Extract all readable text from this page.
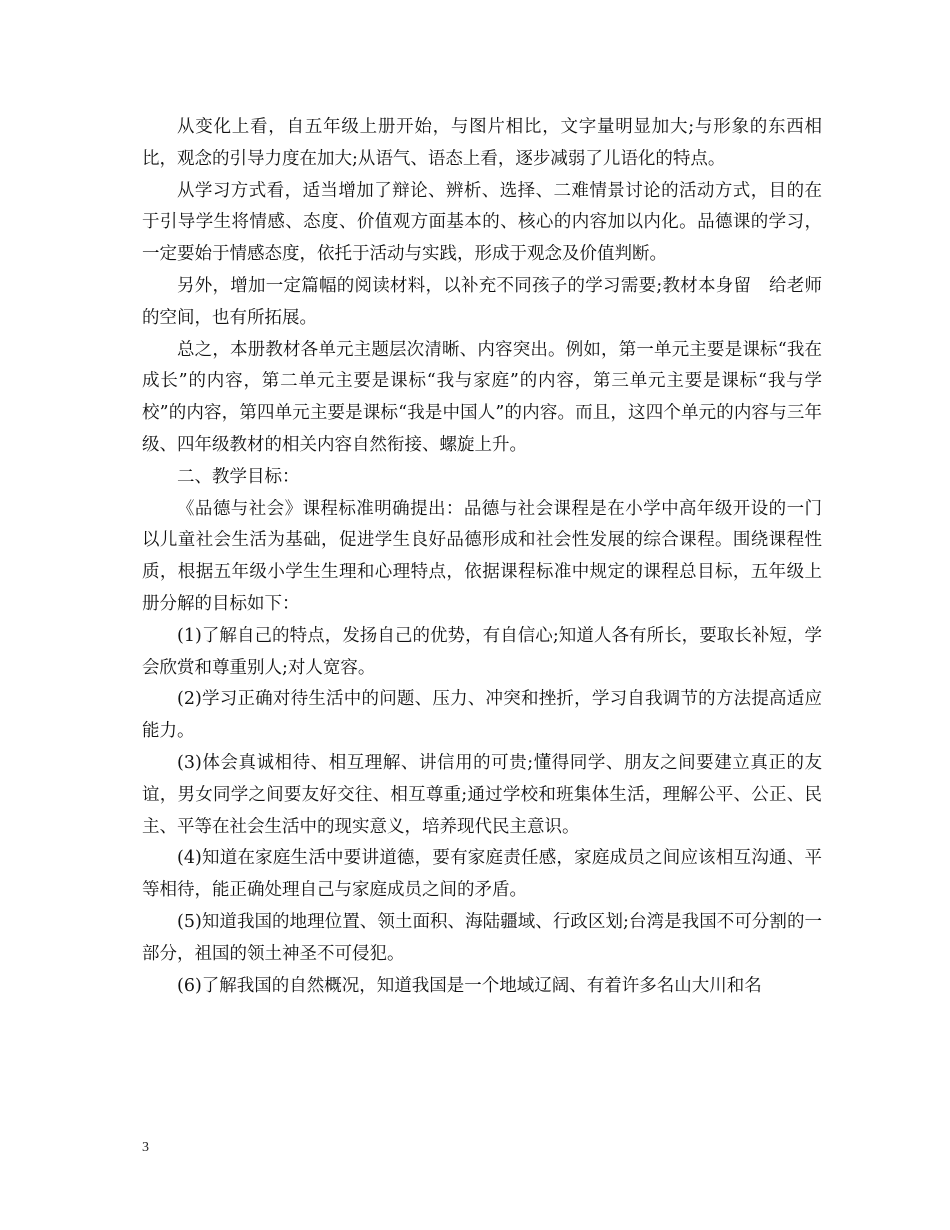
从变化上看，自五年级上册开始，与图片相比，文字量明显加大;与形象的东西相比，观念的引导力度在加大;从语气、语态上看，逐步减弱了儿语化的特点。

从学习方式看，适当增加了辩论、辨析、选择、二难情景讨论的活动方式，目的在于引导学生将情感、态度、价值观方面基本的、核心的内容加以内化。品德课的学习，一定要始于情感态度，依托于活动与实践，形成于观念及价值判断。

另外，增加一定篇幅的阅读材料，以补充不同孩子的学习需要;教材本身留　给老师的空间，也有所拓展。

总之，本册教材各单元主题层次清晰、内容突出。例如，第一单元主要是课标“我在成长”的内容，第二单元主要是课标“我与家庭”的内容，第三单元主要是课标“我与学校”的内容，第四单元主要是课标“我是中国人”的内容。而且，这四个单元的内容与三年级、四年级教材的相关内容自然衔接、螺旋上升。

二、教学目标：

《品德与社会》课程标准明确提出：品德与社会课程是在小学中高年级开设的一门以儿童社会生活为基础，促进学生良好品德形成和社会性发展的综合课程。围绕课程性质，根据五年级小学生生理和心理特点，依据课程标准中规定的课程总目标，五年级上册分解的目标如下：

(1)了解自己的特点，发扬自己的优势，有自信心;知道人各有所长，要取长补短，学会欣赏和尊重别人;对人宽容。

(2)学习正确对待生活中的问题、压力、冲突和挫折，学习自我调节的方法提高适应能力。

(3)体会真诚相待、相互理解、讲信用的可贵;懂得同学、朋友之间要建立真正的友谊，男女同学之间要友好交往、相互尊重;通过学校和班集体生活，理解公平、公正、民主、平等在社会生活中的现实意义，培养现代民主意识。

(4)知道在家庭生活中要讲道德，要有家庭责任感，家庭成员之间应该相互沟通、平等相待，能正确处理自己与家庭成员之间的矛盾。

(5)知道我国的地理位置、领土面积、海陆疆域、行政区划;台湾是我国不可分割的一部分，祖国的领土神圣不可侵犯。

(6)了解我国的自然概况，知道我国是一个地域辽阔、有着许多名山大川和名

3
